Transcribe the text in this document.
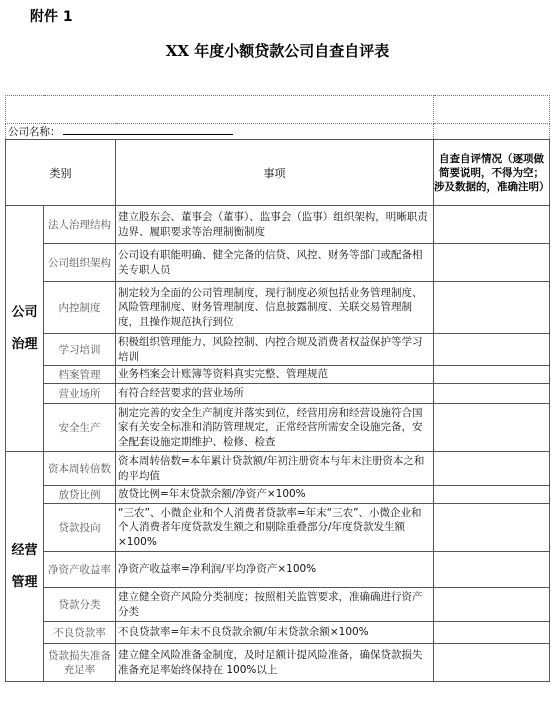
附件 1
XX 年度小额贷款公司自查自评表

公司名称：			
类别		事项	自查自评情况（逐项做简要说明，不得为空；涉及数据的，准确注明）
公司治理	法人治理结构	建立股东会、董事会（董事）、监事会（监事）组织架构，明晰职责边界、履职要求等治理制衡制度	
	公司组织架构	公司设有职能明确、健全完备的信贷、风控、财务等部门或配备相关专职人员	
	内控制度	制定较为全面的公司管理制度，现行制度必须包括业务管理制度、风险管理制度、财务管理制度、信息披露制度、关联交易管理制度，且操作规范执行到位	
	学习培训	积极组织管理能力、风险控制、内控合规及消费者权益保护等学习培训	
	档案管理	业务档案会计账簿等资料真实完整、管理规范	
	营业场所	有符合经营要求的营业场所	
	安全生产	制定完善的安全生产制度并落实到位，经营用房和经营设施符合国家有关安全标准和消防管理规定，正常经营所需安全设施完备，安全配套设施定期维护、检修、检查	
经营管理	资本周转倍数	资本周转倍数=本年累计贷款额/年初注册资本与年末注册资本之和的平均值	
	放贷比例	放贷比例=年末贷款余额/净资产×100%	
	贷款投向	“三农”、小微企业和个人消费者贷款率=年末“三农”、小微企业和个人消费者年度贷款发生额之和剔除重叠部分/年度贷款发生额×100%	
	净资产收益率	净资产收益率=净利润/平均净资产×100%	
	贷款分类	建立健全资产风险分类制度；按照相关监管要求，准确确进行资产分类	
	不良贷款率	不良贷款率=年末不良贷款余额/年末贷款余额×100%	
	贷款损失准备充足率	建立健全风险准备金制度，及时足额计提风险准备，确保贷款损失准备充足率始终保持在 100%以上	
